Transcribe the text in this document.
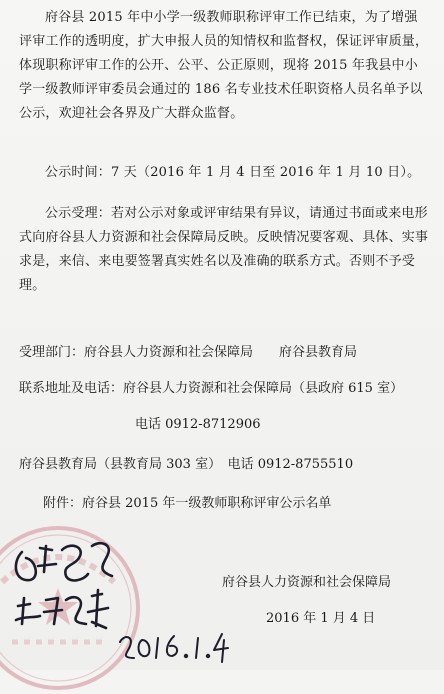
府谷县 2015 年中小学一级教师职称评审工作已结束，为了增强评审工作的透明度，扩大申报人员的知情权和监督权，保证评审质量，体现职称评审工作的公开、公平、公正原则，现将 2015 年我县中小学一级教师评审委员会通过的 186 名专业技术任职资格人员名单予以公示，欢迎社会各界及广大群众监督。
公示时间：7 天（2016 年 1 月 4 日至 2016 年 1 月 10 日）。
公示受理：若对公示对象或评审结果有异议，请通过书面或来电形式向府谷县人力资源和社会保障局反映。反映情况要客观、具体、实事求是，来信、来电要签署真实姓名以及准确的联系方式。否则不予受理。
受理部门：府谷县人力资源和社会保障局　　府谷县教育局
联系地址及电话：府谷县人力资源和社会保障局（县政府 615 室）
电话 0912-8712906
府谷县教育局（县教育局 303 室）　电话 0912-8755510
附件：府谷县 2015 年一级教师职称评审公示名单
府谷县人力资源和社会保障局
2016 年 1 月 4 日
